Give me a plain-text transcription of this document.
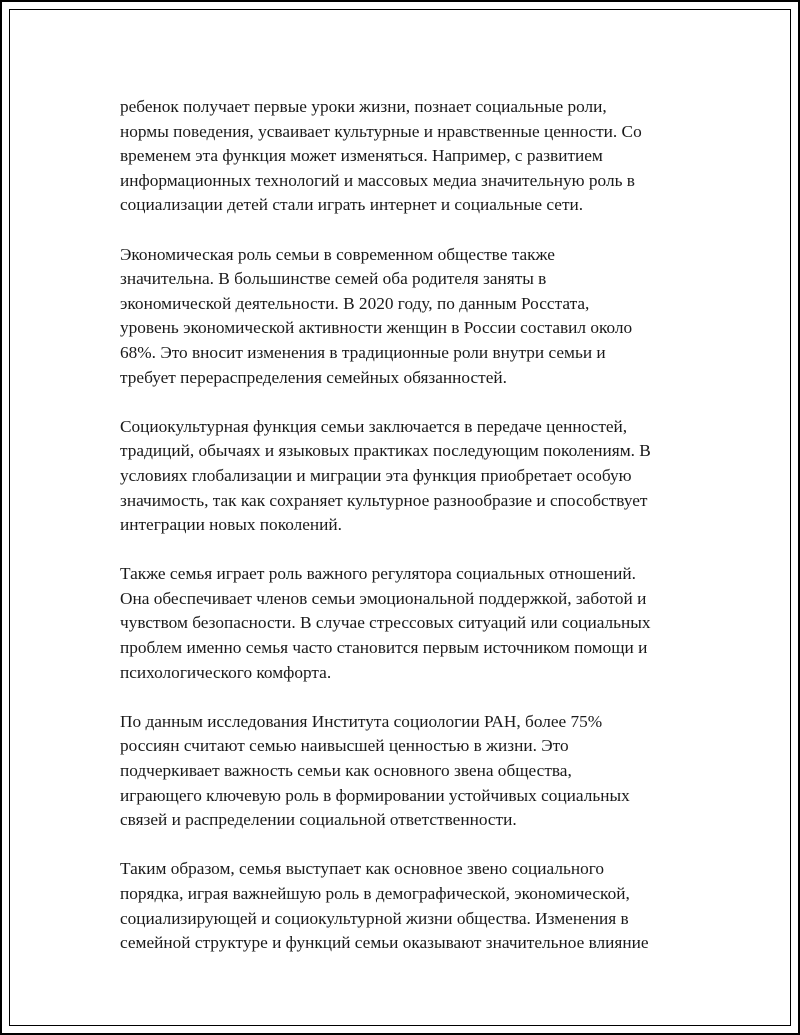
ребенок получает первые уроки жизни, познает социальные роли,
нормы поведения, усваивает культурные и нравственные ценности. Со
временем эта функция может изменяться. Например, с развитием
информационных технологий и массовых медиа значительную роль в
социализации детей стали играть интернет и социальные сети.

Экономическая роль семьи в современном обществе также
значительна. В большинстве семей оба родителя заняты в
экономической деятельности. В 2020 году, по данным Росстата,
уровень экономической активности женщин в России составил около
68%. Это вносит изменения в традиционные роли внутри семьи и
требует перераспределения семейных обязанностей.

Социокультурная функция семьи заключается в передаче ценностей,
традиций, обычаях и языковых практиках последующим поколениям. В
условиях глобализации и миграции эта функция приобретает особую
значимость, так как сохраняет культурное разнообразие и способствует
интеграции новых поколений.

Также семья играет роль важного регулятора социальных отношений.
Она обеспечивает членов семьи эмоциональной поддержкой, заботой и
чувством безопасности. В случае стрессовых ситуаций или социальных
проблем именно семья часто становится первым источником помощи и
психологического комфорта.

По данным исследования Института социологии РАН, более 75%
россиян считают семью наивысшей ценностью в жизни. Это
подчеркивает важность семьи как основного звена общества,
играющего ключевую роль в формировании устойчивых социальных
связей и распределении социальной ответственности.

Таким образом, семья выступает как основное звено социального
порядка, играя важнейшую роль в демографической, экономической,
социализирующей и социокультурной жизни общества. Изменения в
семейной структуре и функций семьи оказывают значительное влияние
